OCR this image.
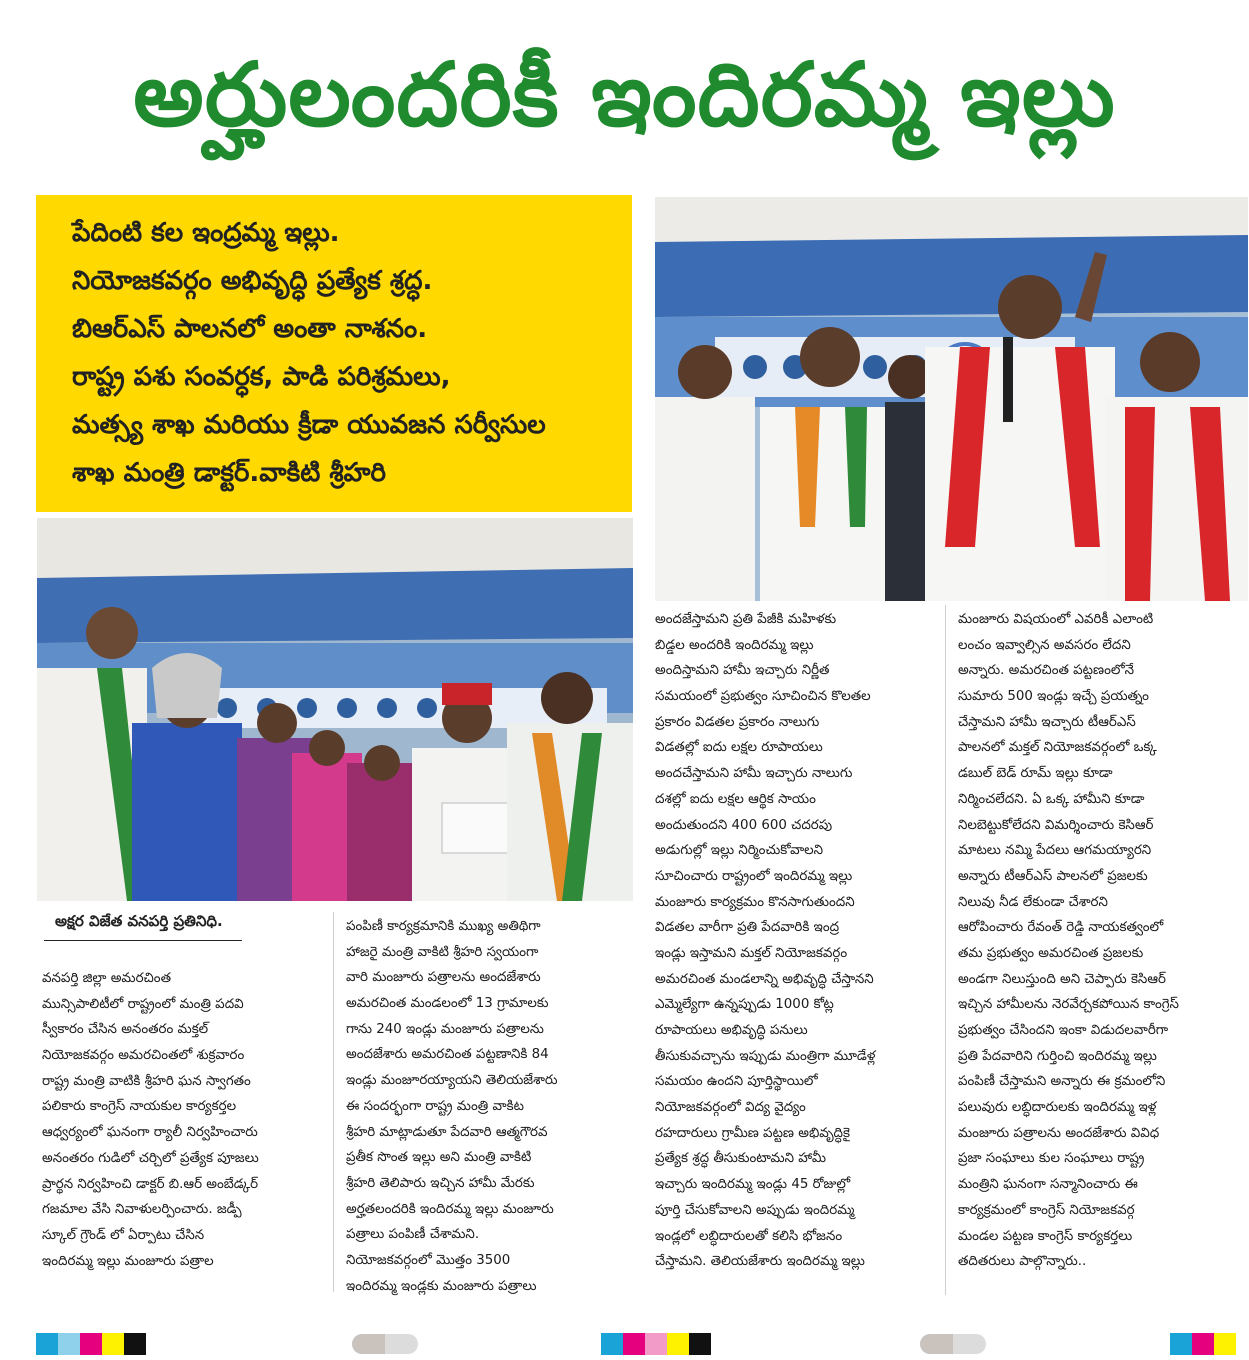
అర్హులందరికీ ఇందిరమ్మ ఇల్లు

పేదింటి కల ఇంద్రమ్మ ఇల్లు.

నియోజకవర్గం అభివృద్ధి ప్రత్యేక శ్రద్ధ.

బిఆర్ఎస్ పాలనలో అంతా నాశనం.

రాష్ట్ర పశు సంవర్ధక, పాడి పరిశ్రమలు,

మత్స్య శాఖ మరియు క్రీడా యువజన సర్వీసుల

శాఖ మంత్రి డాక్టర్.వాకిటి శ్రీహరి

అక్షర విజేత వనపర్తి ప్రతినిధి.
వనపర్తి జిల్లా అమరచింత
మున్సిపాలిటీలో రాష్ట్రంలో మంత్రి పదవి
స్వీకారం చేసిన అనంతరం మక్తల్
నియోజకవర్గం అమరచింతలో శుక్రవారం
రాష్ట్ర మంత్రి వాటికి శ్రీహరి ఘన స్వాగతం
పలికారు కాంగ్రెస్ నాయకుల కార్యకర్తల
ఆధ్వర్యంలో ఘనంగా ర్యాలీ నిర్వహించారు
అనంతరం గుడిలో చర్చిలో ప్రత్యేక పూజలు
ప్రార్థన నిర్వహించి డాక్టర్ బి.ఆర్ అంబేడ్కర్
గజమాల వేసి నివాళులర్పించారు. జడ్పీ
స్కూల్ గ్రౌండ్ లో ఏర్పాటు చేసిన
ఇందిరమ్మ ఇల్లు మంజూరు పత్రాల
పంపిణీ కార్యక్రమానికి ముఖ్య అతిథిగా
హాజరై మంత్రి వాకిటి శ్రీహరి స్వయంగా
వారి మంజూరు పత్రాలను అందజేశారు
అమరచింత మండలంలో 13 గ్రామాలకు
గాను 240 ఇండ్లు మంజూరు పత్రాలను
అందజేశారు అమరచింత పట్టణానికి 84
ఇండ్లు మంజూరయ్యాయని తెలియజేశారు
ఈ సందర్భంగా రాష్ట్ర మంత్రి వాకిట
శ్రీహరి మాట్లాడుతూ పేదవారి ఆత్మగౌరవ
ప్రతీక సొంత ఇల్లు అని మంత్రి వాకిటి
శ్రీహరి తెలిపారు ఇచ్చిన హామీ మేరకు
అర్హతలందరికి ఇందిరమ్మ ఇల్లు మంజూరు
పత్రాలు పంపిణీ చేశామని.
నియోజకవర్గంలో మొత్తం 3500
ఇందిరమ్మ ఇండ్లకు మంజూరు పత్రాలు
అందజేస్తామని ప్రతి పేజీకి మహిళకు
బిడ్డల అందరికి ఇందిరమ్మ ఇల్లు
అందిస్తామని హామీ ఇచ్చారు నిర్ణీత
సమయంలో ప్రభుత్వం సూచించిన కొలతల
ప్రకారం విడతల ప్రకారం నాలుగు
విడతల్లో ఐదు లక్షల రూపాయలు
అందచేస్తామని హామీ ఇచ్చారు నాలుగు
దశల్లో ఐదు లక్షల ఆర్థిక సాయం
అందుతుందని 400 600 చదరపు
అడుగుల్లో ఇల్లు నిర్మించుకోవాలని
సూచించారు రాష్ట్రంలో ఇందిరమ్మ ఇల్లు
మంజూరు కార్యక్రమం కొనసాగుతుందని
విడతల వారీగా ప్రతి పేదవారికి ఇంద్ర
ఇండ్లు ఇస్తామని మక్తల్ నియోజకవర్గం
అమరచింత మండలాన్ని అభివృద్ధి చేస్తానని
ఎమ్మెల్యేగా ఉన్నప్పుడు 1000 కోట్ల
రూపాయలు అభివృద్ధి పనులు
తీసుకువచ్చాను ఇప్పుడు మంత్రిగా మూడేళ్ల
సమయం ఉందని పూర్తిస్థాయిలో
నియోజకవర్గంలో విద్య వైద్యం
రహదారులు గ్రామీణ పట్టణ అభివృద్ధికై
ప్రత్యేక శ్రద్ధ తీసుకుంటామని హామీ
ఇచ్చారు ఇందిరమ్మ ఇండ్లు 45 రోజుల్లో
పూర్తి చేసుకోవాలని అప్పుడు ఇందిరమ్మ
ఇండ్లలో లబ్ధిదారులతో కలిసి భోజనం
చేస్తామని. తెలియజేశారు ఇందిరమ్మ ఇల్లు
మంజూరు విషయంలో ఎవరికీ ఎలాంటి
లంచం ఇవ్వాల్సిన అవసరం లేదని
అన్నారు. అమరచింత పట్టణంలోనే
సుమారు 500 ఇండ్లు ఇచ్చే ప్రయత్నం
చేస్తామని హామీ ఇచ్చారు టీఆర్ఎస్
పాలనలో మక్తల్ నియోజకవర్గంలో ఒక్క
డబుల్ బెడ్ రూమ్ ఇల్లు కూడా
నిర్మించలేదని. ఏ ఒక్క హామీని కూడా
నిలబెట్టుకోలేదని విమర్శించారు కెసిఆర్
మాటలు నమ్మి పేదలు ఆగమయ్యారని
అన్నారు టీఆర్ఎస్ పాలనలో ప్రజలకు
నిలువు నీడ లేకుండా చేశారని
ఆరోపించారు రేవంత్ రెడ్డి నాయకత్వంలో
తమ ప్రభుత్వం అమరచింత ప్రజలకు
అండగా నిలుస్తుంది అని చెప్పారు కెసిఆర్
ఇచ్చిన హామీలను నెరవేర్చకపోయిన కాంగ్రెస్
ప్రభుత్వం చేసిందని ఇంకా విడుదలవారీగా
ప్రతి పేదవారిని గుర్తించి ఇందిరమ్మ ఇల్లు
పంపిణీ చేస్తామని అన్నారు ఈ క్రమంలోని
పలువురు లబ్ధిదారులకు ఇందిరమ్మ ఇళ్ల
మంజూరు పత్రాలను అందజేశారు వివిధ
ప్రజా సంఘాలు కుల సంఘాలు రాష్ట్ర
మంత్రిని ఘనంగా సన్మానించారు ఈ
కార్యక్రమంలో కాంగ్రెస్ నియోజకవర్గ
మండల పట్టణ కాంగ్రెస్ కార్యకర్తలు
తదితరులు పాల్గొన్నారు..
